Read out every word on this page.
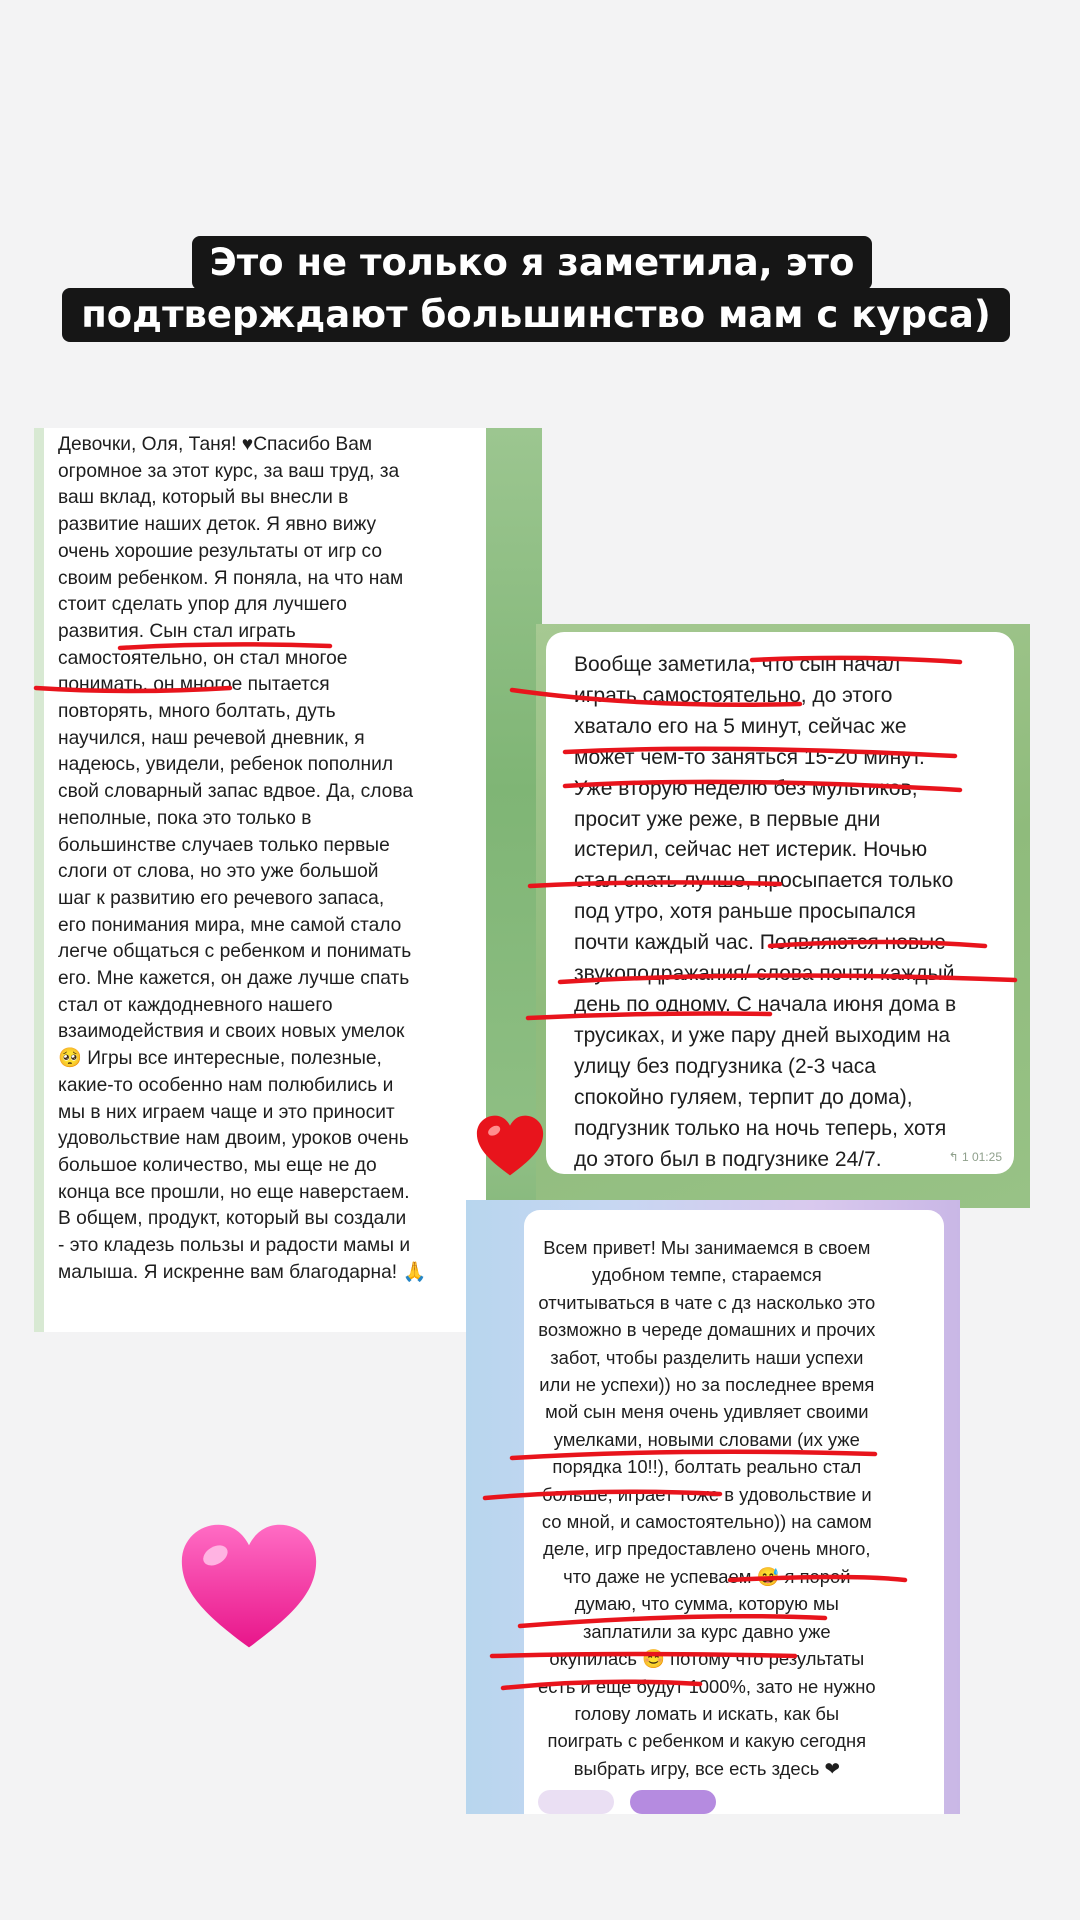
Это не только я заметила, это
подтверждают большинство мам с курса)
Девочки, Оля, Таня! ♥Спасибо Вам
огромное за этот курс, за ваш труд, за
ваш вклад, который вы внесли в
развитие наших деток. Я явно вижу
очень хорошие результаты от игр со
своим ребенком. Я поняла, на что нам
стоит сделать упор для лучшего
развития. Сын стал играть
самостоятельно, он стал многое
понимать, он многое пытается
повторять, много болтать, дуть
научился, наш речевой дневник, я
надеюсь, увидели, ребенок пополнил
свой словарный запас вдвое. Да, слова
неполные, пока это только в
большинстве случаев только первые
слоги от слова, но это уже большой
шаг к развитию его речевого запаса,
его понимания мира, мне самой стало
легче общаться с ребенком и понимать
его. Мне кажется, он даже лучше спать
стал от каждодневного нашего
взаимодействия и своих новых умелок
🥺 Игры все интересные, полезные,
какие-то особенно нам полюбились и
мы в них играем чаще и это приносит
удовольствие нам двоим, уроков очень
большое количество, мы еще не до
конца все прошли, но еще наверстаем.
В общем, продукт, который вы создали
- это кладезь пользы и радости мамы и
малыша. Я искренне вам благодарна! 🙏
Вообще заметила, что сын начал
играть самостоятельно, до этого
хватало его на 5 минут, сейчас же
может чем-то заняться 15-20 минут.
Уже вторую неделю без мультиков,
просит уже реже, в первые дни
истерил, сейчас нет истерик. Ночью
стал спать лучше, просыпается только
под утро, хотя раньше просыпался
почти каждый час. Появляются новые
звукоподражания/ слова почти каждый
день по одному. С начала июня дома в
трусиках, и уже пару дней выходим на
улицу без подгузника (2-3 часа
спокойно гуляем, терпит до дома),
подгузник только на ночь теперь, хотя
до этого был в подгузнике 24/7.	↰ 1 01:25
Всем привет! Мы занимаемся в своем
удобном темпе, стараемся
отчитываться в чате с дз насколько это
возможно в череде домашних и прочих
забот, чтобы разделить наши успехи
или не успехи)) но за последнее время
мой сын меня очень удивляет своими
умелками, новыми словами (их уже
порядка 10!!), болтать реально стал
больше, играет тоже в удовольствие и
со мной, и самостоятельно)) на самом
деле, игр предоставлено очень много,
что даже не успеваем 😅 я порой
думаю, что сумма, которую мы
заплатили за курс давно уже
окупилась 😊 потому что результаты
есть и еще будут 1000%, зато не нужно
голову ломать и искать, как бы
поиграть с ребенком и какую сегодня
выбрать игру, все есть здесь ❤
